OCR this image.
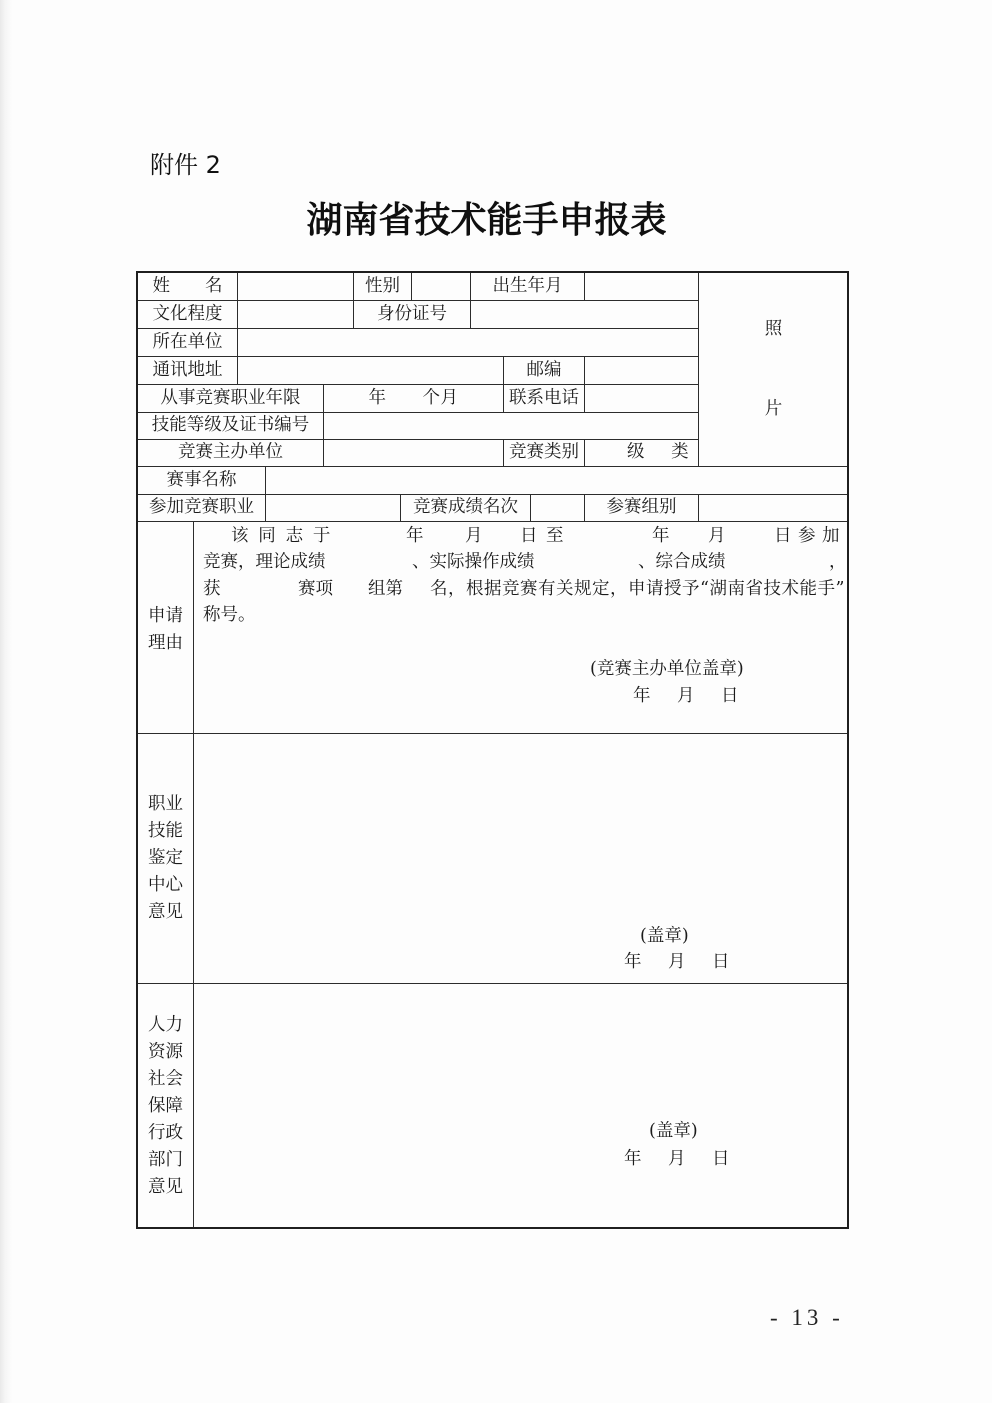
附件 2
湖南省技术能手申报表
姓　　名	性别	出生年月
照
片
文化程度	身份证号
所在单位
通讯地址	邮编
从事竞赛职业年限	年　　个月	联系电话
技能等级及证书编号
竞赛主办单位	竞赛类别	级　　类
赛事名称
参加竞赛职业	竞赛成绩名次	参赛组别
申请
理由
该同志于	年 月 日至	年 月	日参加
竞赛，理论成绩	、实际操作成绩	、综合成绩	，
获	赛项 组第 名，根据竞赛有关规定，申请授予“湖南省技术能手”
称号。
(竞赛主办单位盖章)
年　月　日
职业
技能
鉴定
中心
意见
(盖章)
年　月　日
人力
资源
社会
保障
行政
部门
意见
(盖章)
年　月　日
- 13 -
